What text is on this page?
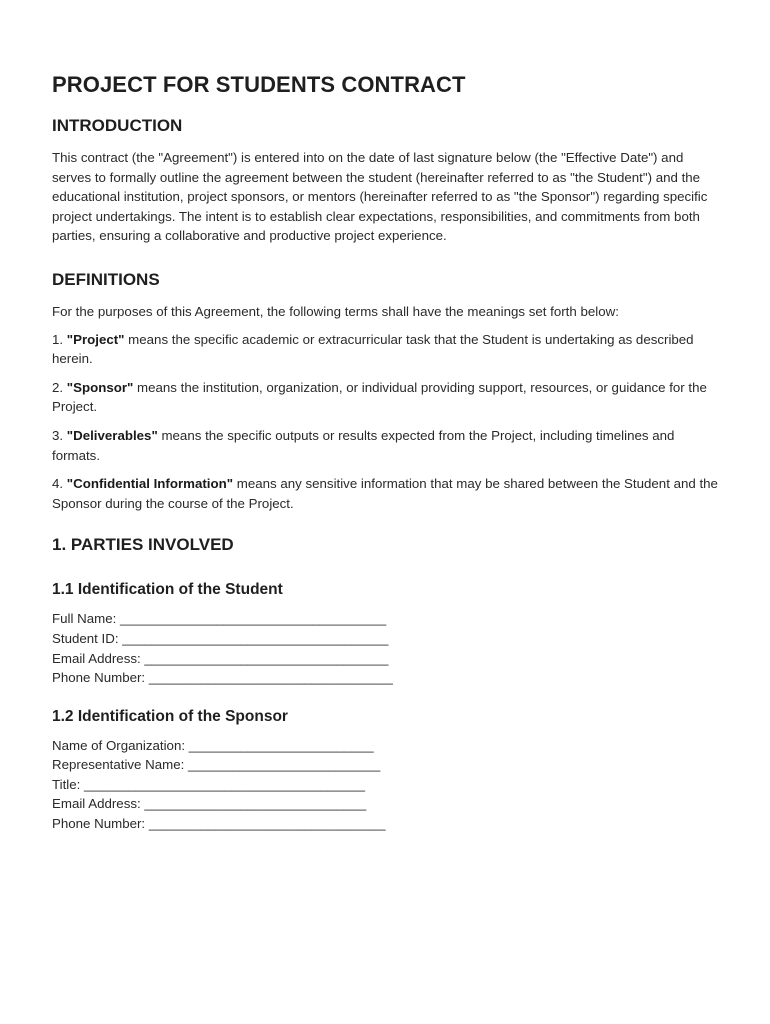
PROJECT FOR STUDENTS CONTRACT
INTRODUCTION

This contract (the "Agreement") is entered into on the date of last signature below (the "Effective Date") and serves to formally outline the agreement between the student (hereinafter referred to as "the Student") and the educational institution, project sponsors, or mentors (hereinafter referred to as "the Sponsor") regarding specific project undertakings. The intent is to establish clear expectations, responsibilities, and commitments from both parties, ensuring a collaborative and productive project experience.

DEFINITIONS

For the purposes of this Agreement, the following terms shall have the meanings set forth below:

1. "Project" means the specific academic or extracurricular task that the Student is undertaking as described herein.

2. "Sponsor" means the institution, organization, or individual providing support, resources, or guidance for the Project.

3. "Deliverables" means the specific outputs or results expected from the Project, including timelines and formats.

4. "Confidential Information" means any sensitive information that may be shared between the Student and the Sponsor during the course of the Project.

1. PARTIES INVOLVED
1.1 Identification of the Student
Full Name: ____________________________________
Student ID: ____________________________________
Email Address: _________________________________
Phone Number: _________________________________
1.2 Identification of the Sponsor
Name of Organization: _________________________
Representative Name: __________________________
Title: ______________________________________
Email Address: ______________________________
Phone Number: ________________________________
